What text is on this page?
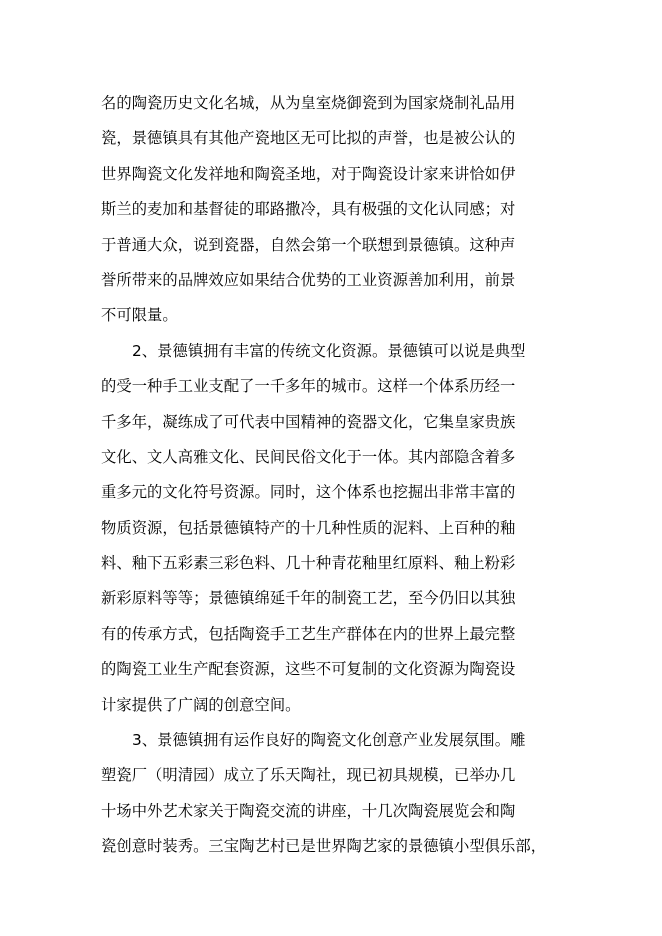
名的陶瓷历史文化名城，从为皇室烧御瓷到为国家烧制礼品用
瓷，景德镇具有其他产瓷地区无可比拟的声誉，也是被公认的
世界陶瓷文化发祥地和陶瓷圣地，对于陶瓷设计家来讲恰如伊
斯兰的麦加和基督徒的耶路撒冷，具有极强的文化认同感；对
于普通大众，说到瓷器，自然会第一个联想到景德镇。这种声
誉所带来的品牌效应如果结合优势的工业资源善加利用，前景
不可限量。
2、景德镇拥有丰富的传统文化资源。景德镇可以说是典型
的受一种手工业支配了一千多年的城市。这样一个体系历经一
千多年，凝练成了可代表中国精神的瓷器文化，它集皇家贵族
文化、文人高雅文化、民间民俗文化于一体。其内部隐含着多
重多元的文化符号资源。同时，这个体系也挖掘出非常丰富的
物质资源，包括景德镇特产的十几种性质的泥料、上百种的釉
料、釉下五彩素三彩色料、几十种青花釉里红原料、釉上粉彩
新彩原料等等；景德镇绵延千年的制瓷工艺，至今仍旧以其独
有的传承方式，包括陶瓷手工艺生产群体在内的世界上最完整
的陶瓷工业生产配套资源，这些不可复制的文化资源为陶瓷设
计家提供了广阔的创意空间。
3、景德镇拥有运作良好的陶瓷文化创意产业发展氛围。雕
塑瓷厂（明清园）成立了乐天陶社，现已初具规模，已举办几
十场中外艺术家关于陶瓷交流的讲座，十几次陶瓷展览会和陶
瓷创意时装秀。三宝陶艺村已是世界陶艺家的景德镇小型俱乐部，
